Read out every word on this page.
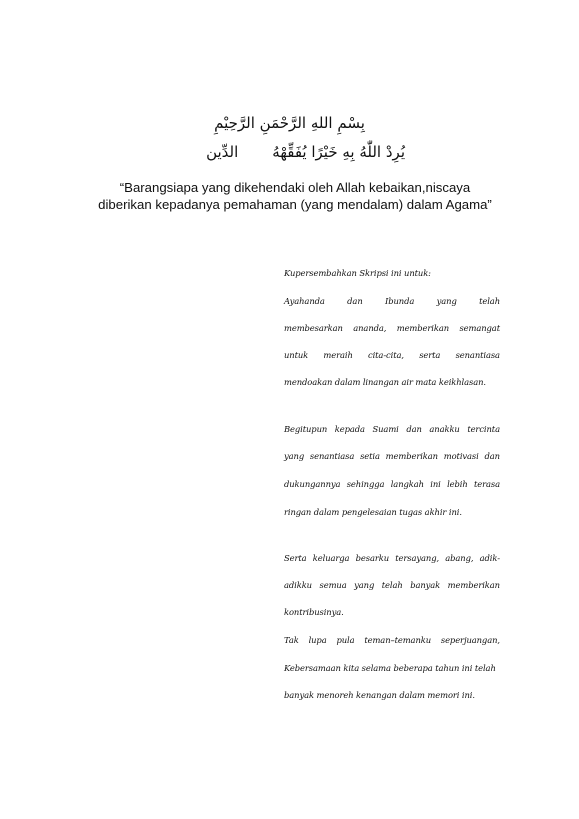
بِسْمِ اللهِ الرَّحْمَنِ الرَّحِيْمِ
يُرِدْ اللّٰهُ بِهِ خَيْرًا يُفَقِّهْهُالدِّين
“Barangsiapa yang dikehendaki oleh Allah kebaikan,niscaya diberikan kepadanya pemahaman (yang mendalam) dalam Agama”
Kupersembahkan Skripsi ini untuk:
Ayahanda	dan	Ibunda	yang	telah
membesarkan ananda, memberikan semangat
untuk meraih cita-cita, serta senantiasa
mendoakan dalam linangan air mata keikhlasan.
Begitupun kepada Suami dan anakku tercinta
yang senantiasa setia memberikan motivasi dan
dukungannya sehingga langkah ini lebih terasa
ringan dalam pengelesaian tugas akhir ini.
Serta keluarga besarku tersayang, abang, adik-
adikku semua yang telah banyak memberikan
kontribusinya.
Tak lupa pula teman–temanku seperjuangan,
Kebersamaan kita selama beberapa tahun ini telah
banyak menoreh kenangan dalam memori ini.
